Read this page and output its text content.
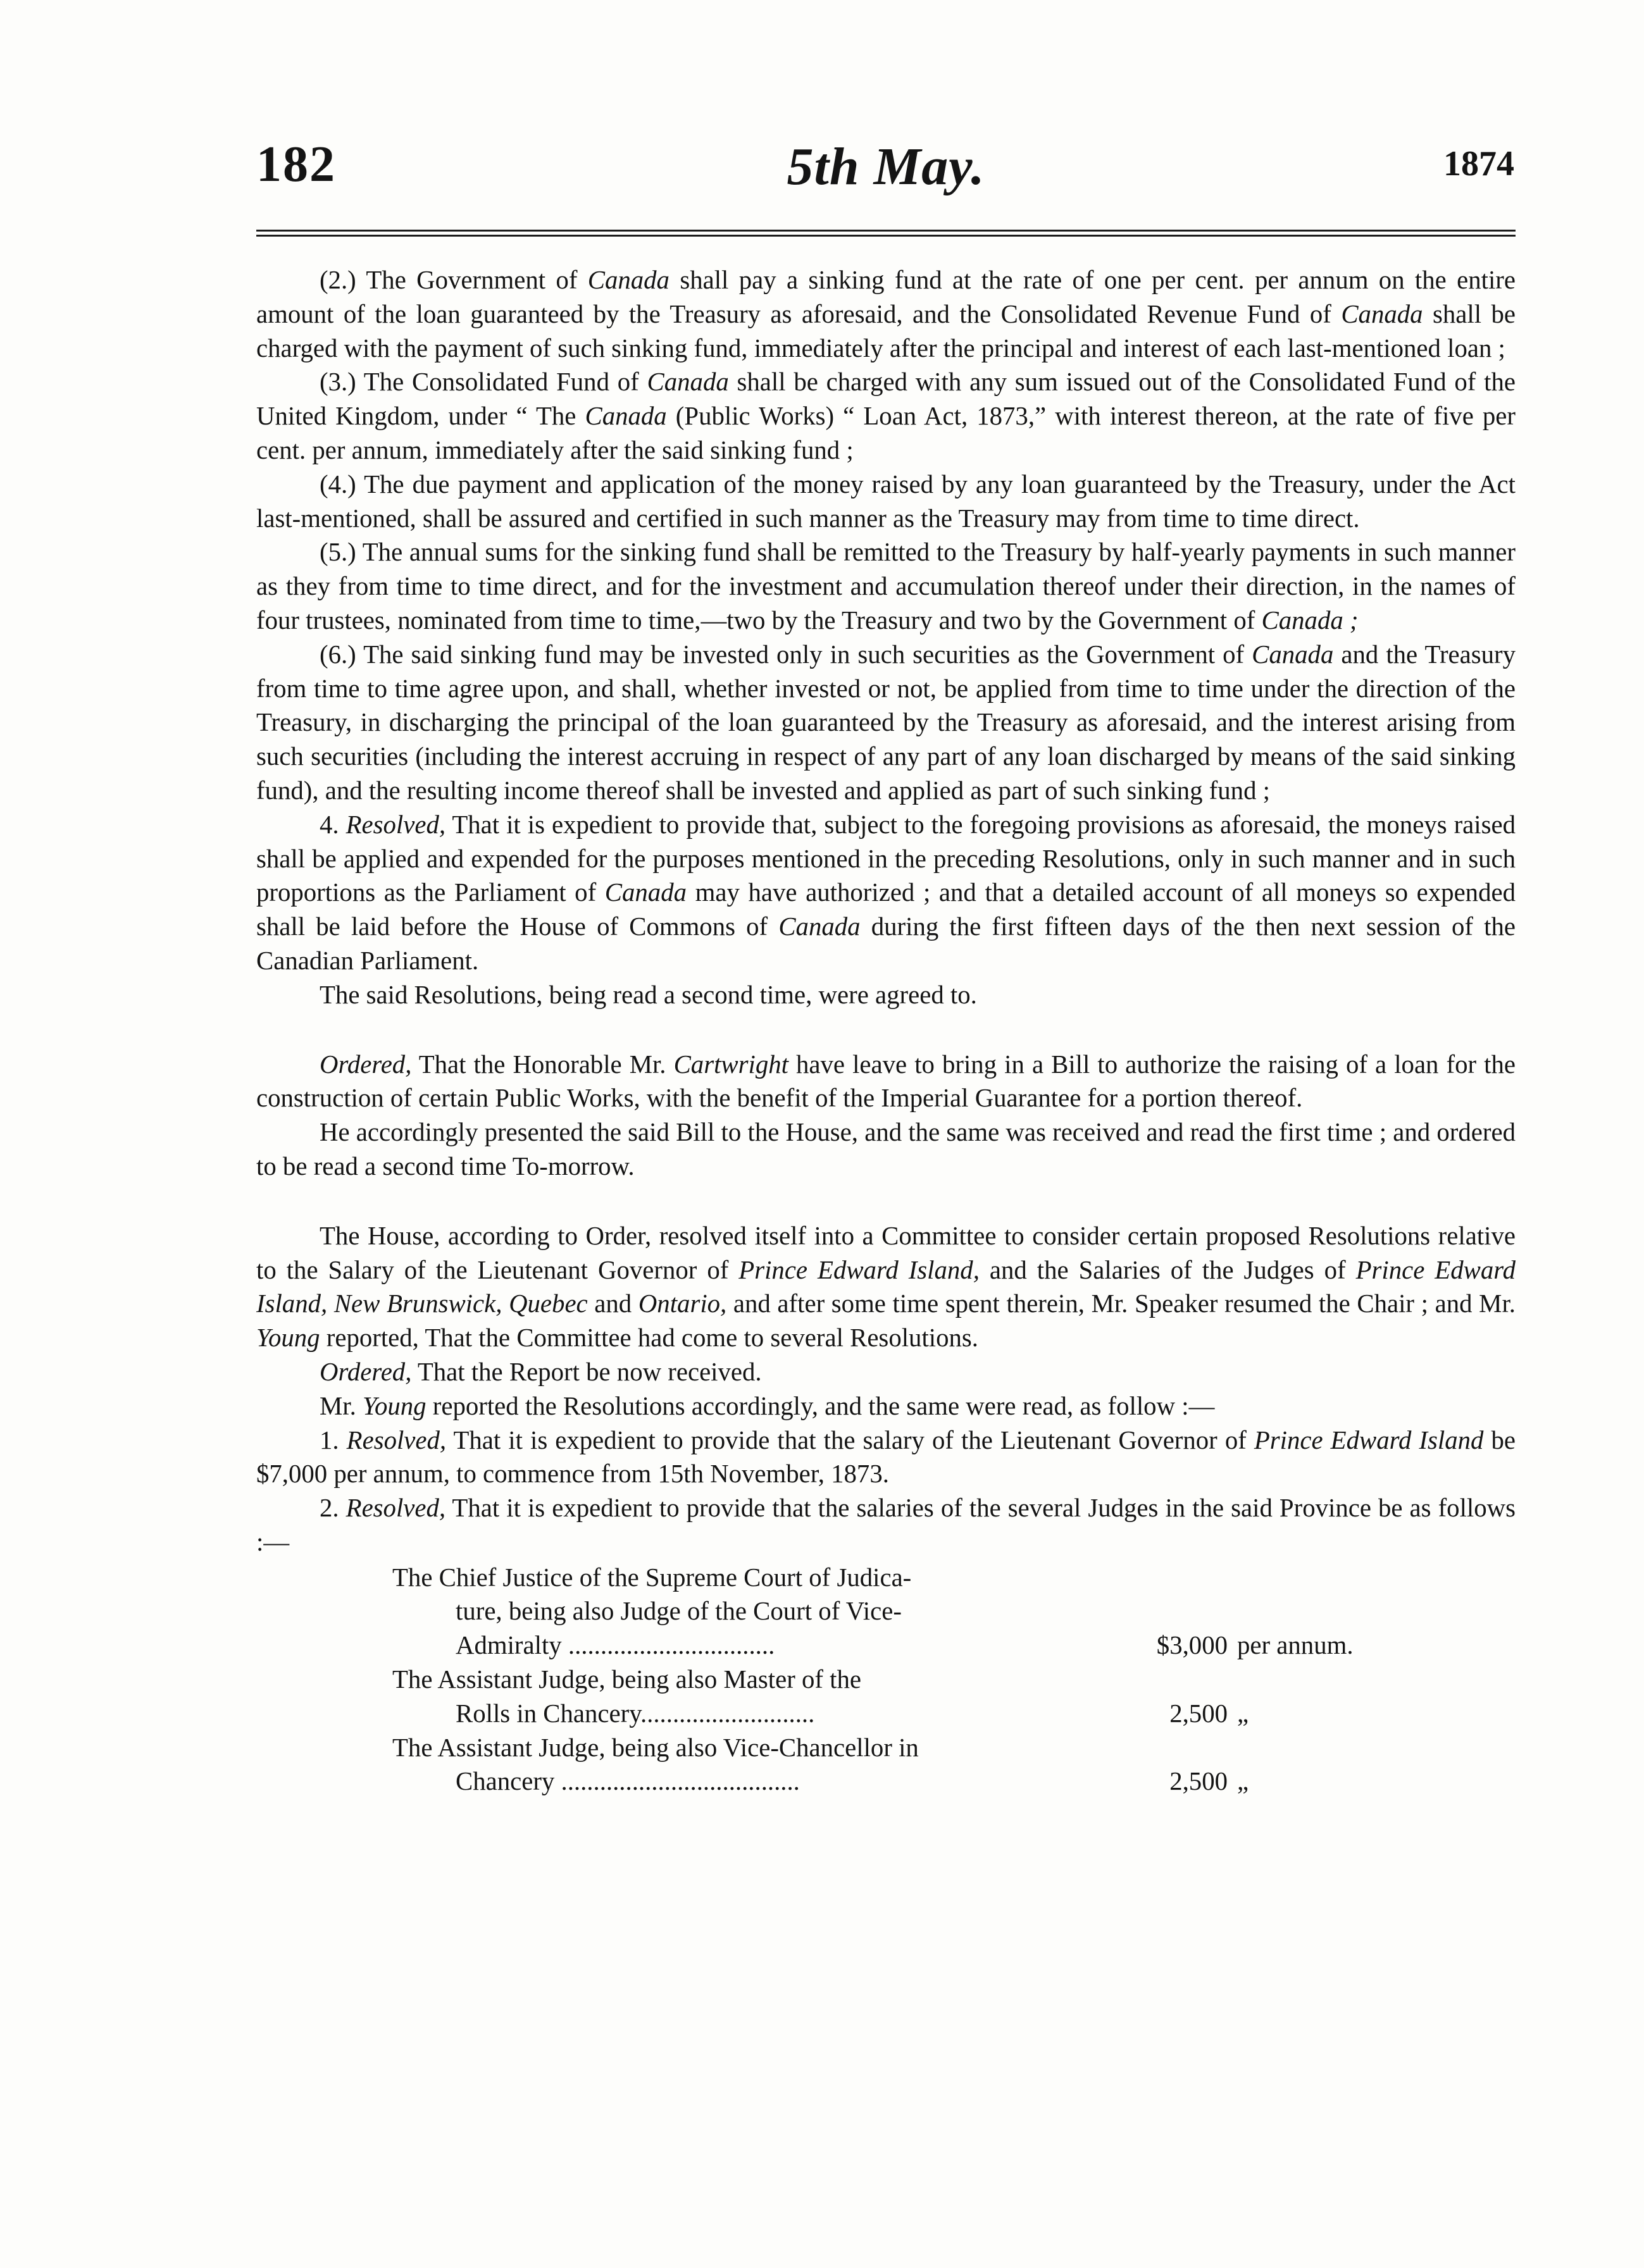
182	5th May.	1874

(2.) The Government of Canada shall pay a sinking fund at the rate of one per cent. per annum on the entire amount of the loan guaranteed by the Treasury as aforesaid, and the Consolidated Revenue Fund of Canada shall be charged with the payment of such sinking fund, immediately after the principal and interest of each last-mentioned loan ;

(3.) The Consolidated Fund of Canada shall be charged with any sum issued out of the Consolidated Fund of the United Kingdom, under “ The Canada (Public Works) “ Loan Act, 1873,” with interest thereon, at the rate of five per cent. per annum, immediately after the said sinking fund ;

(4.) The due payment and application of the money raised by any loan guaranteed by the Treasury, under the Act last-mentioned, shall be assured and certified in such manner as the Treasury may from time to time direct.

(5.) The annual sums for the sinking fund shall be remitted to the Treasury by half-yearly payments in such manner as they from time to time direct, and for the investment and accumulation thereof under their direction, in the names of four trustees, nominated from time to time,—two by the Treasury and two by the Government of Canada ;

(6.) The said sinking fund may be invested only in such securities as the Government of Canada and the Treasury from time to time agree upon, and shall, whether invested or not, be applied from time to time under the direction of the Treasury, in discharging the principal of the loan guaranteed by the Treasury as aforesaid, and the interest arising from such securities (including the interest accruing in respect of any part of any loan discharged by means of the said sinking fund), and the resulting income thereof shall be invested and applied as part of such sinking fund ;

4. Resolved, That it is expedient to provide that, subject to the foregoing provisions as aforesaid, the moneys raised shall be applied and expended for the purposes mentioned in the preceding Resolutions, only in such manner and in such proportions as the Parliament of Canada may have authorized ; and that a detailed account of all moneys so expended shall be laid before the House of Commons of Canada during the first fifteen days of the then next session of the Canadian Parliament.

The said Resolutions, being read a second time, were agreed to.

Ordered, That the Honorable Mr. Cartwright have leave to bring in a Bill to authorize the raising of a loan for the construction of certain Public Works, with the benefit of the Imperial Guarantee for a portion thereof.

He accordingly presented the said Bill to the House, and the same was received and read the first time ; and ordered to be read a second time To-morrow.

The House, according to Order, resolved itself into a Committee to consider certain proposed Resolutions relative to the Salary of the Lieutenant Governor of Prince Edward Island, and the Salaries of the Judges of Prince Edward Island, New Brunswick, Quebec and Ontario, and after some time spent therein, Mr. Speaker resumed the Chair ; and Mr. Young reported, That the Committee had come to several Resolutions.

Ordered, That the Report be now received.

Mr. Young reported the Resolutions accordingly, and the same were read, as follow :—

1. Resolved, That it is expedient to provide that the salary of the Lieutenant Governor of Prince Edward Island be $7,000 per annum, to commence from 15th November, 1873.

2. Resolved, That it is expedient to provide that the salaries of the several Judges in the said Province be as follows :—

The Chief Justice of the Supreme Court of Judica-
ture, being also Judge of the Court of Vice-
Admiralty ................................	$3,000 per annum.
The Assistant Judge, being also Master of the
Rolls in Chancery...........................	2,500 „
The Assistant Judge, being also Vice-Chancellor in
Chancery .....................................	2,500 „
